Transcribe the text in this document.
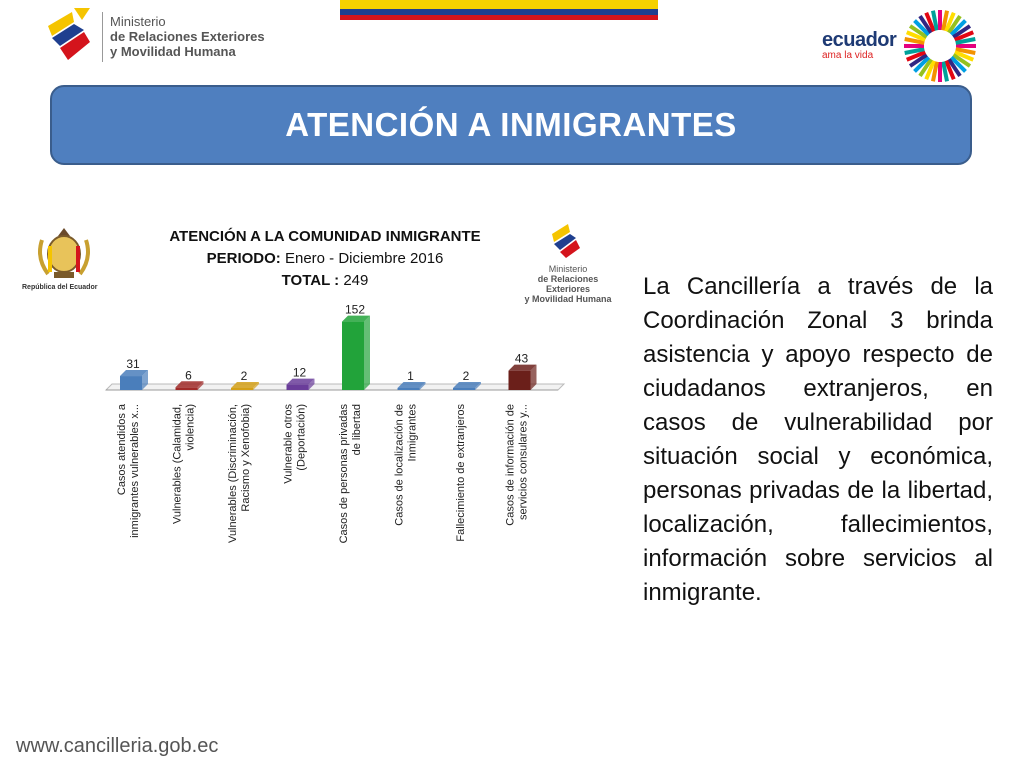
Ministerio
de Relaciones Exteriores
y Movilidad Humana
ecuador
ama la vida
ATENCIÓN A INMIGRANTES
República del Ecuador
ATENCIÓN A LA COMUNIDAD INMIGRANTE
PERIODO: Enero - Diciembre 2016
TOTAL : 249
Ministerio
de Relaciones Exteriores
y Movilidad Humana
31
Casos atendidos ainmigrantes vulnerables x...
6
Vulnerables (Calamidad,violencia)
2
Vulnerables (Discriminación,Racismo y Xenofobia)
12
Vulnerable otros(Deportación)
152
Casos de personas privadasde libertad
1
Casos de localización deInmigrantes
2
Fallecimiento de extranjeros
43
Casos de información deservicios consulares y...
La Cancillería a través de la Coordinación Zonal 3 brinda asistencia y apoyo respecto de ciudadanos extranjeros, en casos de vulnerabilidad por situación social y económica, personas privadas de la libertad, localización, fallecimientos, información sobre servicios al inmigrante.
www.cancilleria.gob.ec
